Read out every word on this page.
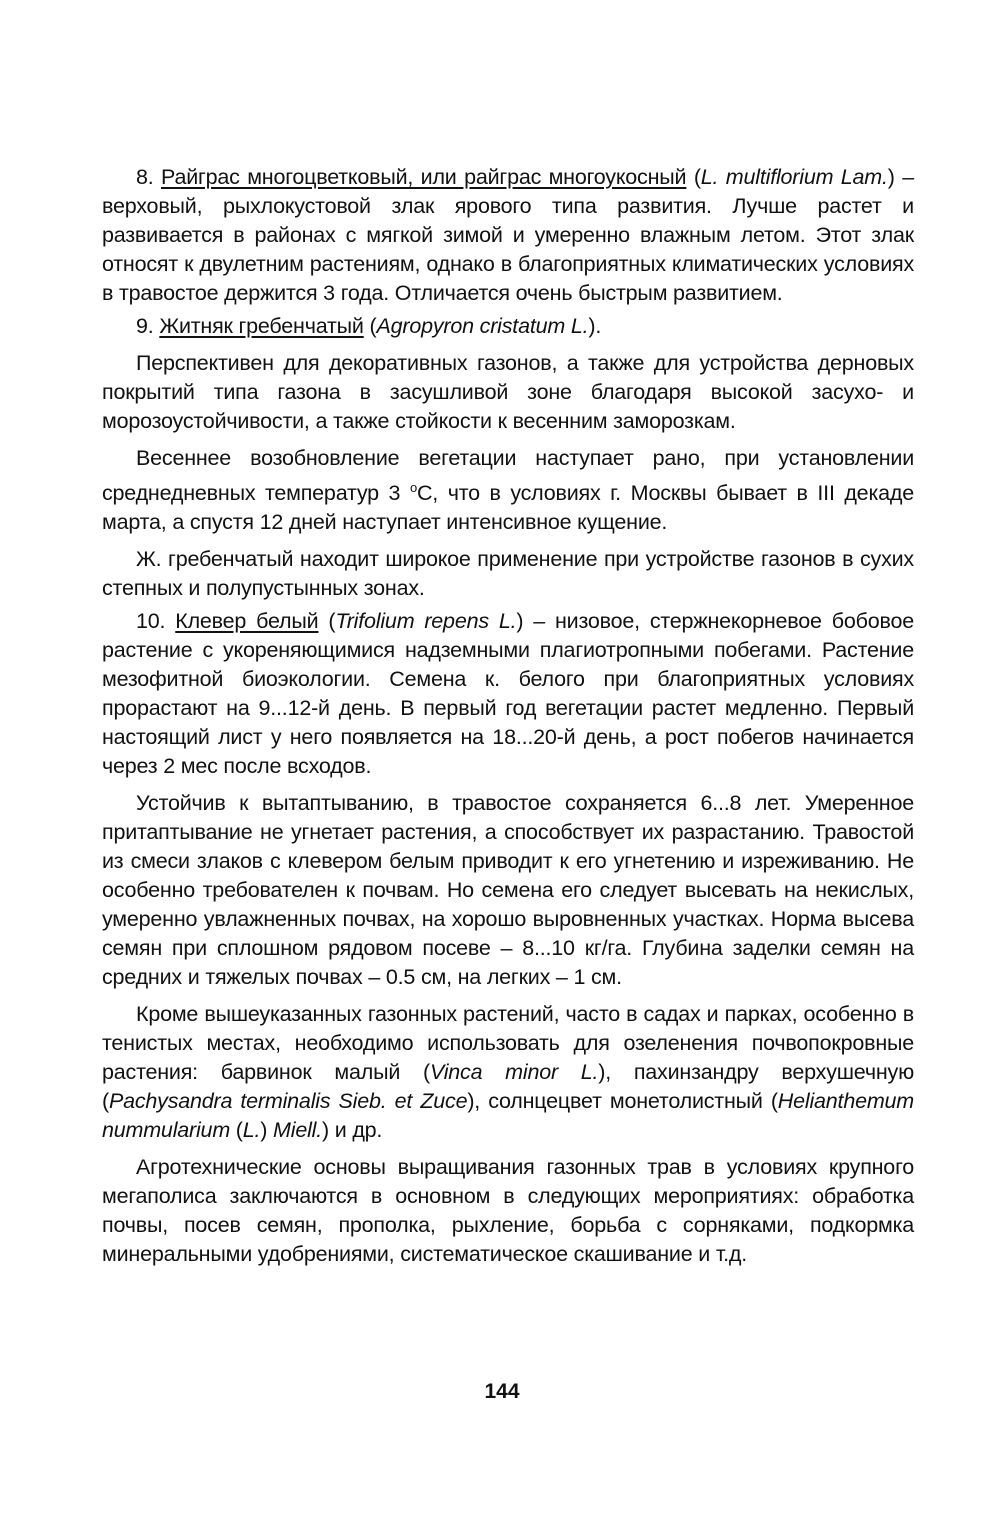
8. Райграс многоцветковый, или райграс многоукосный (L. multiflorium Lam.) – верховый, рыхлокустовой злак ярового типа развития. Лучше растет и развивается в районах с мягкой зимой и умеренно влажным летом. Этот злак относят к двулетним растениям, однако в благоприятных климатических условиях в травостое держится 3 года. Отличается очень быстрым развитием.

9. Житняк гребенчатый (Agropyron cristatum L.).

Перспективен для декоративных газонов, а также для устройства дерновых покрытий типа газона в засушливой зоне благодаря высокой засухо- и морозоустойчивости, а также стойкости к весенним заморозкам.

Весеннее возобновление вегетации наступает рано, при установлении среднедневных температур 3 $^o$С, что в условиях г. Москвы бывает в III декаде марта, а спустя 12 дней наступает интенсивное кущение.

Ж. гребенчатый находит широкое применение при устройстве газонов в сухих степных и полупустынных зонах.

10. Клевер белый (Trifolium repens L.) – низовое, стержнекорневое бобовое растение с укореняющимися надземными плагиотропными побегами. Растение мезофитной биоэкологии. Семена к. белого при благоприятных условиях прорастают на 9...12-й день. В первый год вегетации растет медленно. Первый настоящий лист у него появляется на 18...20-й день, а рост побегов начинается через 2 мес после всходов.

Устойчив к вытаптыванию, в травостое сохраняется 6...8 лет. Умеренное притаптывание не угнетает растения, а способствует их разрастанию. Травостой из смеси злаков с клевером белым приводит к его угнетению и изреживанию. Не особенно требователен к почвам. Но семена его следует высевать на некислых, умеренно увлажненных почвах, на хорошо выровненных участках. Норма высева семян при сплошном рядовом посеве – 8...10 кг/га. Глубина заделки семян на средних и тяжелых почвах – 0.5 см, на легких – 1 см.

Кроме вышеуказанных газонных растений, часто в садах и парках, особенно в тенистых местах, необходимо использовать для озеленения почвопокровные растения: барвинок малый (Vinca minor L.), пахинзандру верхушечную (Pachysandra terminalis Sieb. et Zuce), солнцецвет монетолистный (Helianthemum nummularium (L.) Miell.) и др.

Агротехнические основы выращивания газонных трав в условиях крупного мегаполиса заключаются в основном в следующих мероприятиях: обработка почвы, посев семян, прополка, рыхление, борьба с сорняками, подкормка минеральными удобрениями, систематическое скашивание и т.д.

144
